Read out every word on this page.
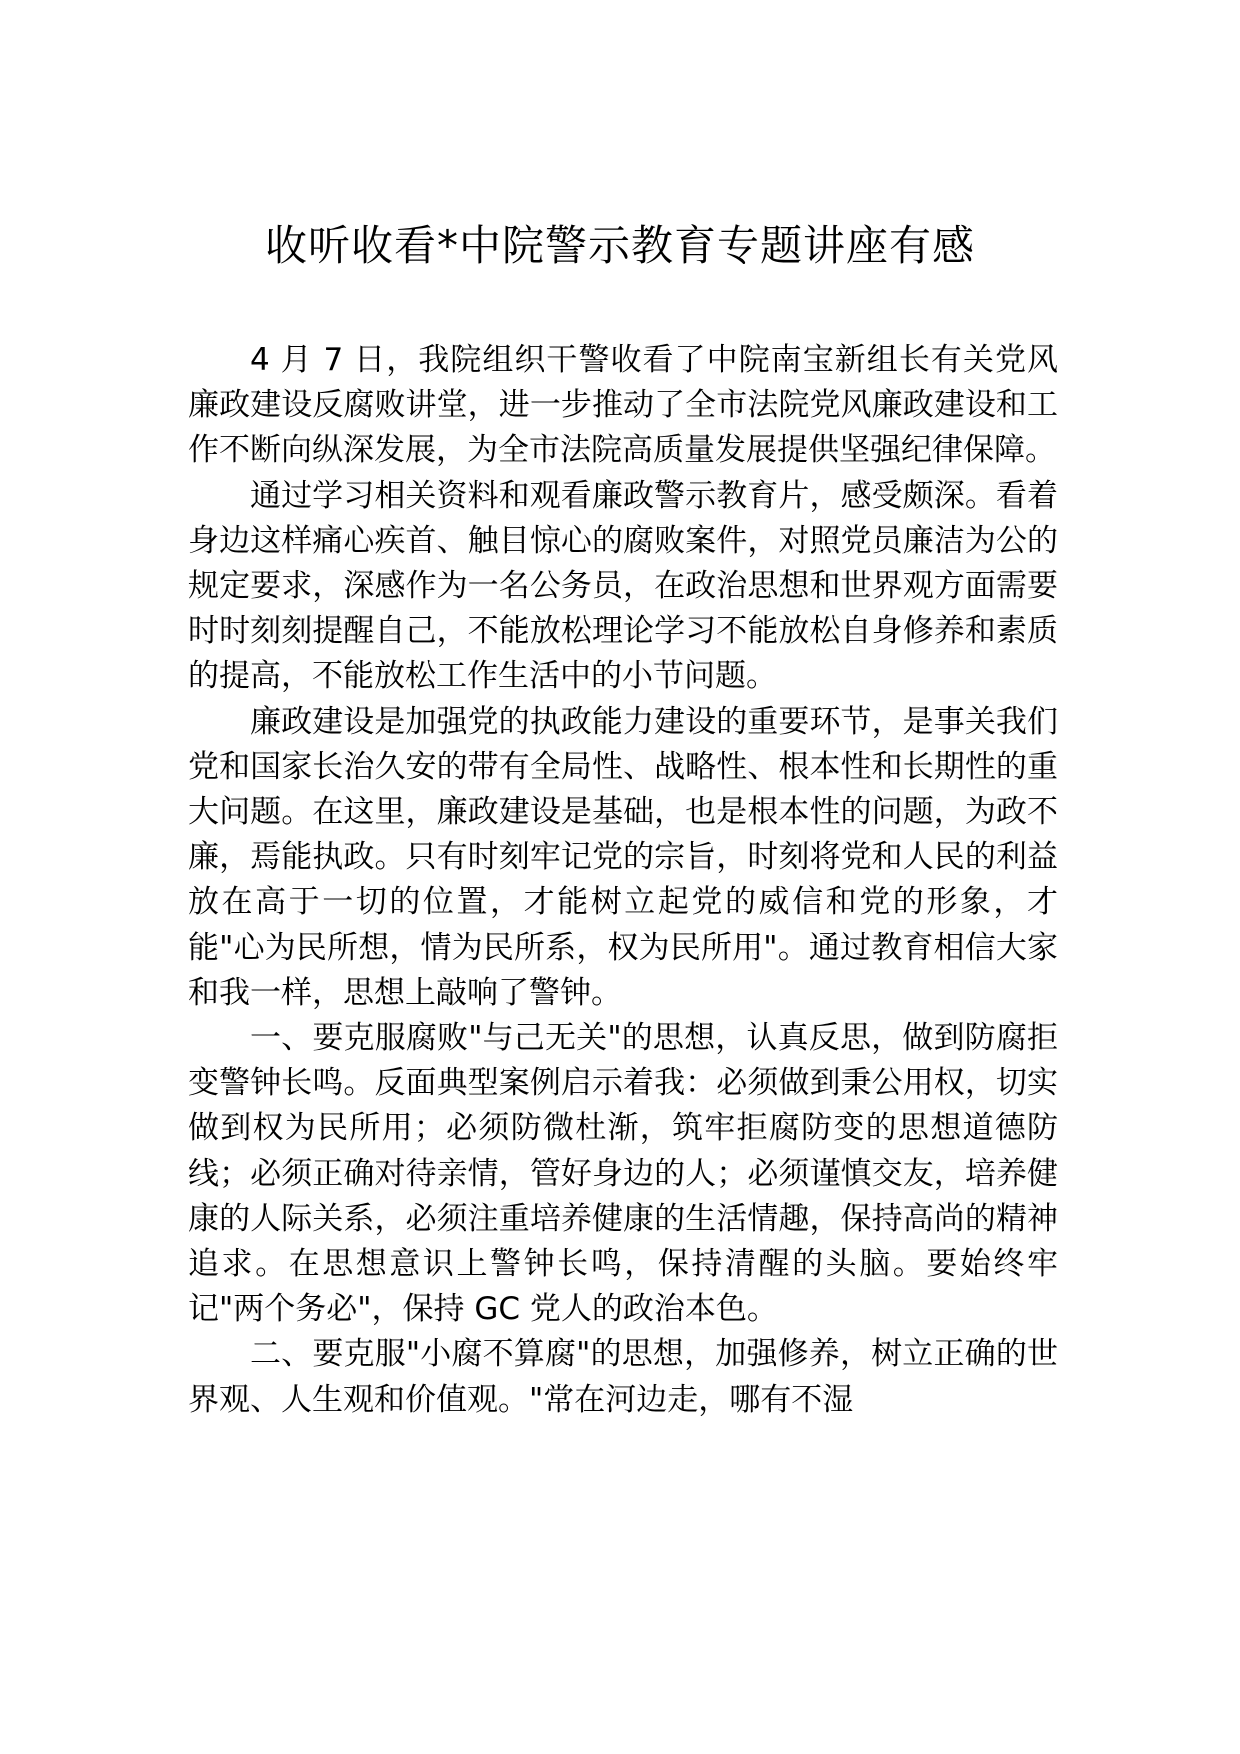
收听收看*中院警示教育专题讲座有感

4 月 7 日，我院组织干警收看了中院南宝新组长有关党风廉政建设反腐败讲堂，进一步推动了全市法院党风廉政建设和工作不断向纵深发展，为全市法院高质量发展提供坚强纪律保障。

通过学习相关资料和观看廉政警示教育片，感受颇深。看着身边这样痛心疾首、触目惊心的腐败案件，对照党员廉洁为公的规定要求，深感作为一名公务员，在政治思想和世界观方面需要时时刻刻提醒自己，不能放松理论学习不能放松自身修养和素质的提高，不能放松工作生活中的小节问题。

廉政建设是加强党的执政能力建设的重要环节，是事关我们党和国家长治久安的带有全局性、战略性、根本性和长期性的重大问题。在这里，廉政建设是基础，也是根本性的问题，为政不廉，焉能执政。只有时刻牢记党的宗旨，时刻将党和人民的利益放在高于一切的位置，才能树立起党的威信和党的形象，才能"心为民所想，情为民所系，权为民所用"。通过教育相信大家和我一样，思想上敲响了警钟。

一、要克服腐败"与己无关"的思想，认真反思，做到防腐拒变警钟长鸣。反面典型案例启示着我：必须做到秉公用权，切实做到权为民所用；必须防微杜渐，筑牢拒腐防变的思想道德防线；必须正确对待亲情，管好身边的人；必须谨慎交友，培养健康的人际关系，必须注重培养健康的生活情趣，保持高尚的精神追求。在思想意识上警钟长鸣，保持清醒的头脑。要始终牢记"两个务必"，保持 GC 党人的政治本色。

二、要克服"小腐不算腐"的思想，加强修养，树立正确的世界观、人生观和价值观。"常在河边走，哪有不湿
